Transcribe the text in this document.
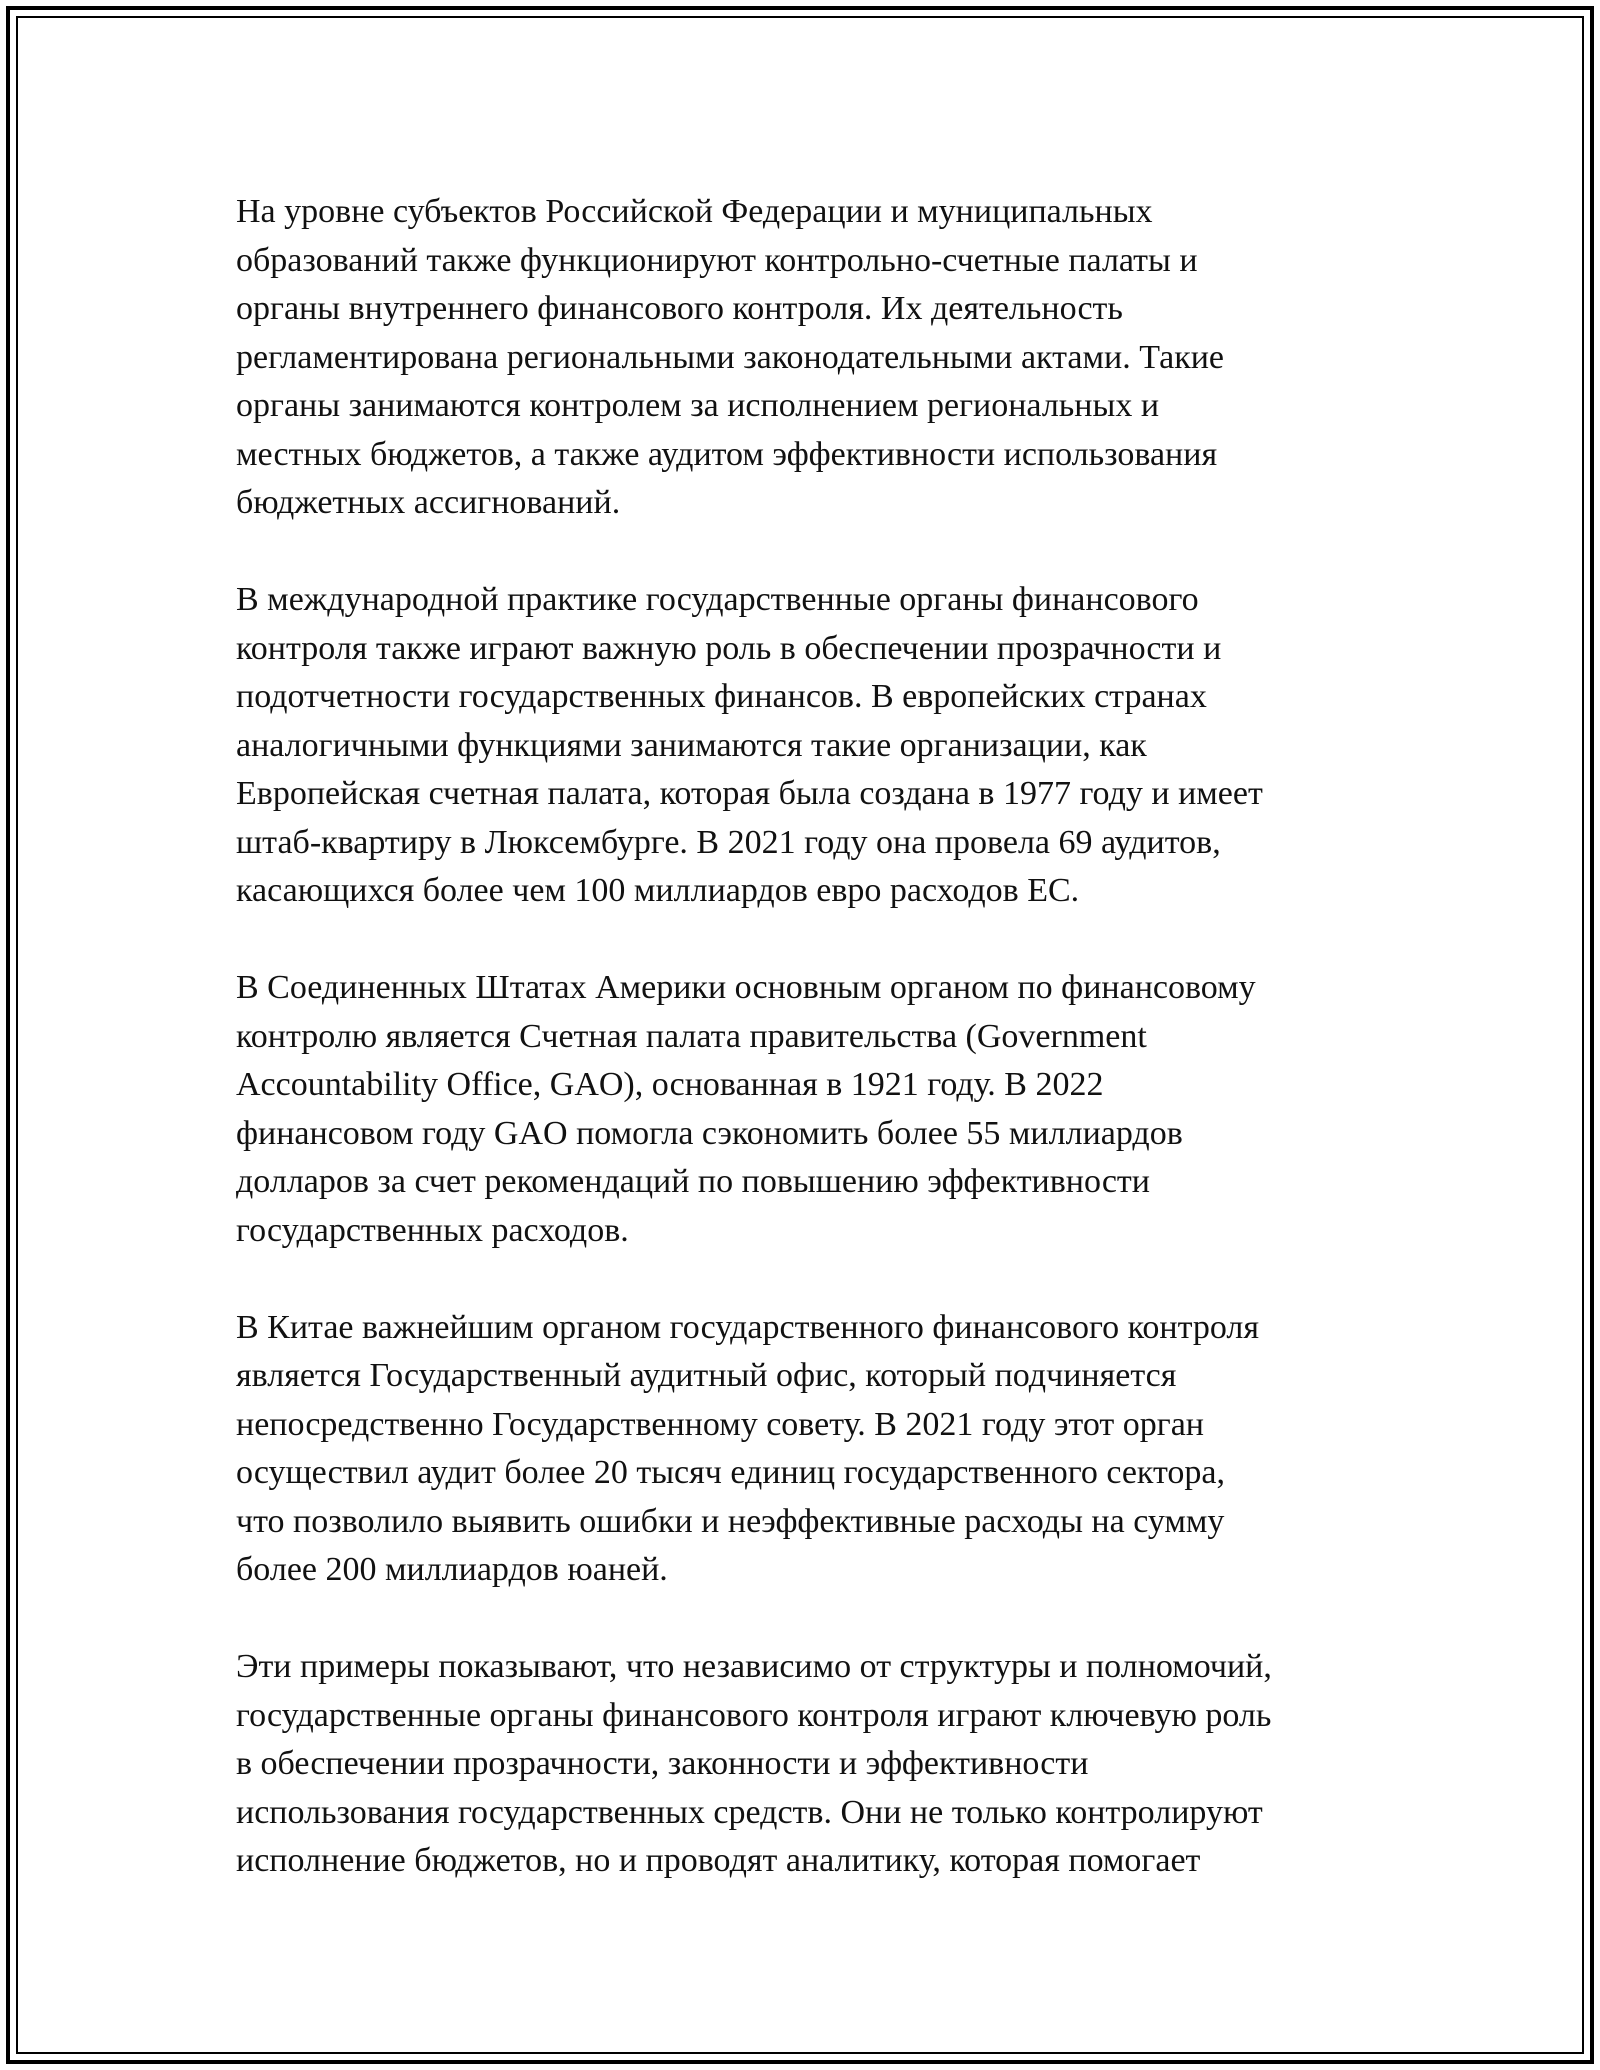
На уровне субъектов Российской Федерации и муниципальных
образований также функционируют контрольно-счетные палаты и
органы внутреннего финансового контроля. Их деятельность
регламентирована региональными законодательными актами. Такие
органы занимаются контролем за исполнением региональных и
местных бюджетов, а также аудитом эффективности использования
бюджетных ассигнований.

В международной практике государственные органы финансового
контроля также играют важную роль в обеспечении прозрачности и
подотчетности государственных финансов. В европейских странах
аналогичными функциями занимаются такие организации, как
Европейская счетная палата, которая была создана в 1977 году и имеет
штаб-квартиру в Люксембурге. В 2021 году она провела 69 аудитов,
касающихся более чем 100 миллиардов евро расходов ЕС.

В Соединенных Штатах Америки основным органом по финансовому
контролю является Счетная палата правительства (Government
Accountability Office, GAO), основанная в 1921 году. В 2022
финансовом году GAO помогла сэкономить более 55 миллиардов
долларов за счет рекомендаций по повышению эффективности
государственных расходов.

В Китае важнейшим органом государственного финансового контроля
является Государственный аудитный офис, который подчиняется
непосредственно Государственному совету. В 2021 году этот орган
осуществил аудит более 20 тысяч единиц государственного сектора,
что позволило выявить ошибки и неэффективные расходы на сумму
более 200 миллиардов юаней.

Эти примеры показывают, что независимо от структуры и полномочий,
государственные органы финансового контроля играют ключевую роль
в обеспечении прозрачности, законности и эффективности
использования государственных средств. Они не только контролируют
исполнение бюджетов, но и проводят аналитику, которая помогает
